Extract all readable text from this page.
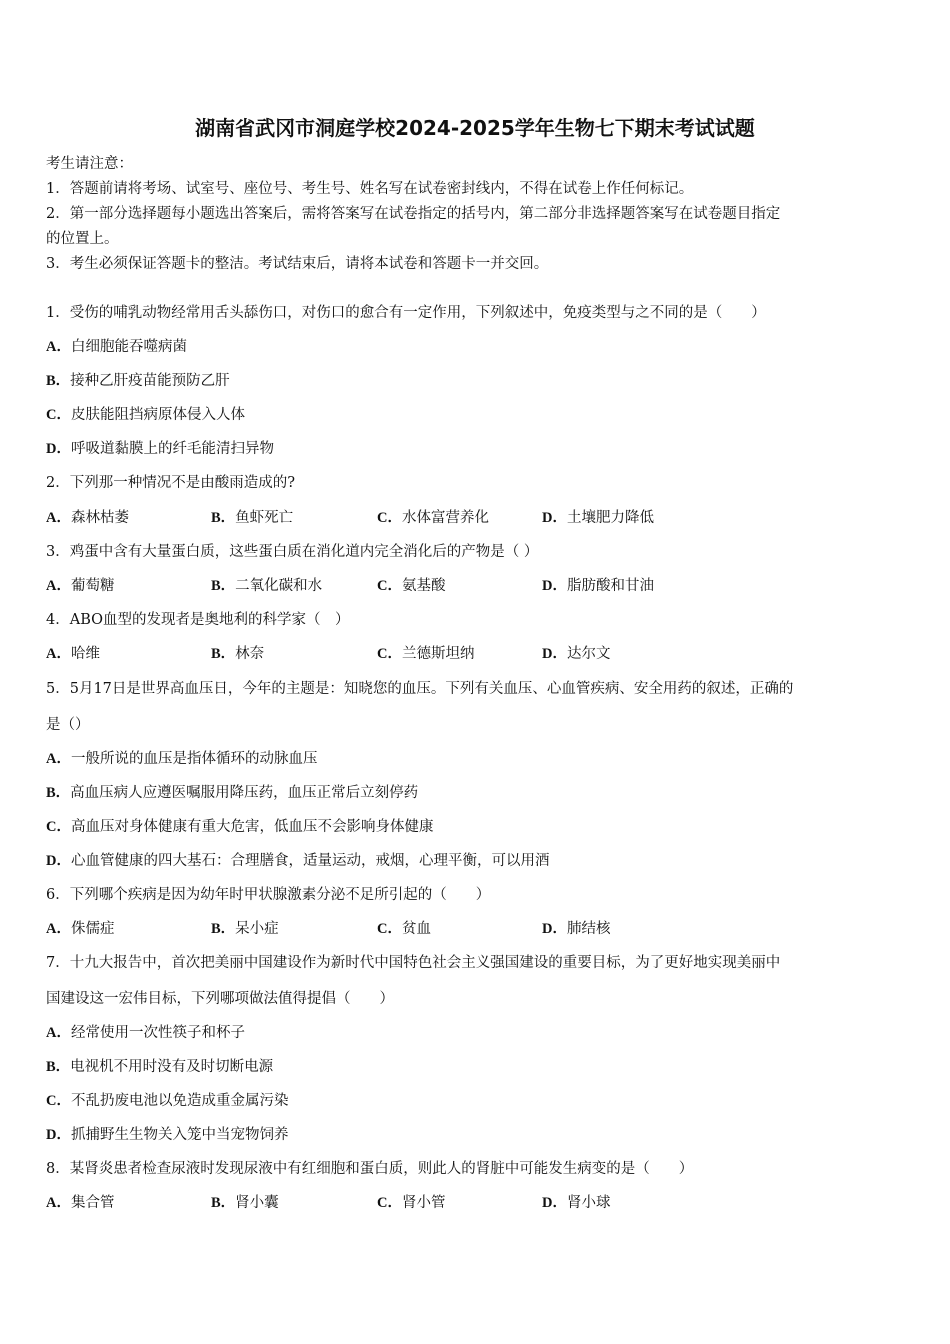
湖南省武冈市洞庭学校2024-2025学年生物七下期末考试试题
考生请注意：
1．答题前请将考场、试室号、座位号、考生号、姓名写在试卷密封线内，不得在试卷上作任何标记。
2．第一部分选择题每小题选出答案后，需将答案写在试卷指定的括号内，第二部分非选择题答案写在试卷题目指定
的位置上。
3．考生必须保证答题卡的整洁。考试结束后，请将本试卷和答题卡一并交回。
1．受伤的哺乳动物经常用舌头舔伤口，对伤口的愈合有一定作用，下列叙述中，免疫类型与之不同的是（　　）
A．白细胞能吞噬病菌
B．接种乙肝疫苗能预防乙肝
C．皮肤能阻挡病原体侵入人体
D．呼吸道黏膜上的纤毛能清扫异物
2．下列那一种情况不是由酸雨造成的?
A．森林枯萎	B．鱼虾死亡	C．水体富营养化	D．土壤肥力降低
3．鸡蛋中含有大量蛋白质，这些蛋白质在消化道内完全消化后的产物是（ ）
A．葡萄糖	B．二氧化碳和水	C．氨基酸	D．脂肪酸和甘油
4．ABO血型的发现者是奥地利的科学家（　）
A．哈维	B．林奈	C．兰德斯坦纳	D．达尔文
5．5月17日是世界高血压日，今年的主题是：知晓您的血压。下列有关血压、心血管疾病、安全用药的叙述，正确的
是（）
A．一般所说的血压是指体循环的动脉血压
B．高血压病人应遵医嘱服用降压药，血压正常后立刻停药
C．高血压对身体健康有重大危害，低血压不会影响身体健康
D．心血管健康的四大基石：合理膳食，适量运动，戒烟，心理平衡，可以用酒
6．下列哪个疾病是因为幼年时甲状腺激素分泌不足所引起的（　　）
A．侏儒症	B．呆小症	C．贫血	D．肺结核
7．十九大报告中，首次把美丽中国建设作为新时代中国特色社会主义强国建设的重要目标，为了更好地实现美丽中
国建设这一宏伟目标，下列哪项做法值得提倡（　　）
A．经常使用一次性筷子和杯子
B．电视机不用时没有及时切断电源
C．不乱扔废电池以免造成重金属污染
D．抓捕野生生物关入笼中当宠物饲养
8．某肾炎患者检查尿液时发现尿液中有红细胞和蛋白质，则此人的肾脏中可能发生病变的是（　　）
A．集合管	B．肾小囊	C．肾小管	D．肾小球
